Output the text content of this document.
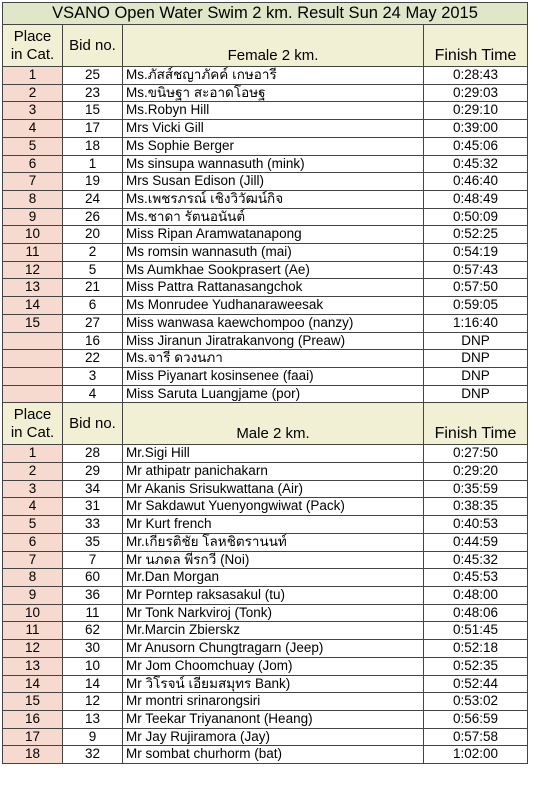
VSANO Open Water Swim 2 km. Result Sun 24 May 2015			
Place
in Cat.	Bid no.	Female 2 km.	Finish Time
1	25	Ms.ภัสส์ชญาภัคค์ เกษอารี	0:28:43
2	23	Ms.ขนิษฐา สะอาดโอษฐ	0:29:03
3	15	Ms.Robyn Hill	0:29:10
4	17	Mrs Vicki Gill	0:39:00
5	18	Ms Sophie Berger	0:45:06
6	1	Ms sinsupa wannasuth (mink)	0:45:32
7	19	Mrs Susan Edison (Jill)	0:46:40
8	24	Ms.เพชรภรณ์ เชิงวิวัฒน์กิจ	0:48:49
9	26	Ms.ชาดา รัตนอนันต์	0:50:09
10	20	Miss Ripan Aramwatanapong	0:52:25
11	2	Ms romsin wannasuth (mai)	0:54:19
12	5	Ms Aumkhae Sookprasert (Ae)	0:57:43
13	21	Miss Pattra Rattanasangchok	0:57:50
14	6	Ms Monrudee Yudhanaraweesak	0:59:05
15	27	Miss wanwasa kaewchompoo (nanzy)	1:16:40
	16	Miss Jiranun Jiratrakanvong (Preaw)	DNP
	22	Ms.จารี ดวงนภา	DNP
	3	Miss Piyanart kosinsenee (faai)	DNP
	4	Miss Saruta Luangjame (por)	DNP
Place
in Cat.	Bid no.	Male 2 km.	Finish Time
1	28	Mr.Sigi Hill	0:27:50
2	29	Mr athipatr panichakarn	0:29:20
3	34	Mr Akanis Srisukwattana (Air)	0:35:59
4	31	Mr Sakdawut Yuenyongwiwat (Pack)	0:38:35
5	33	Mr Kurt french	0:40:53
6	35	Mr.เกียรติชัย โลหชิตรานนท์	0:44:59
7	7	Mr นภดล พีรกวี (Noi)	0:45:32
8	60	Mr.Dan Morgan	0:45:53
9	36	Mr Porntep raksasakul (tu)	0:48:00
10	11	Mr Tonk Narkviroj (Tonk)	0:48:06
11	62	Mr.Marcin Zbierskz	0:51:45
12	30	Mr Anusorn Chungtragarn (Jeep)	0:52:18
13	10	Mr Jom Choomchuay (Jom)	0:52:35
14	14	Mr วิโรจน์ เอี่ยมสมุทร Bank)	0:52:44
15	12	Mr montri srinarongsiri	0:53:02
16	13	Mr Teekar Triyananont (Heang)	0:56:59
17	9	Mr Jay Rujiramora (Jay)	0:57:58
18	32	Mr sombat churhorm (bat)	1:02:00
